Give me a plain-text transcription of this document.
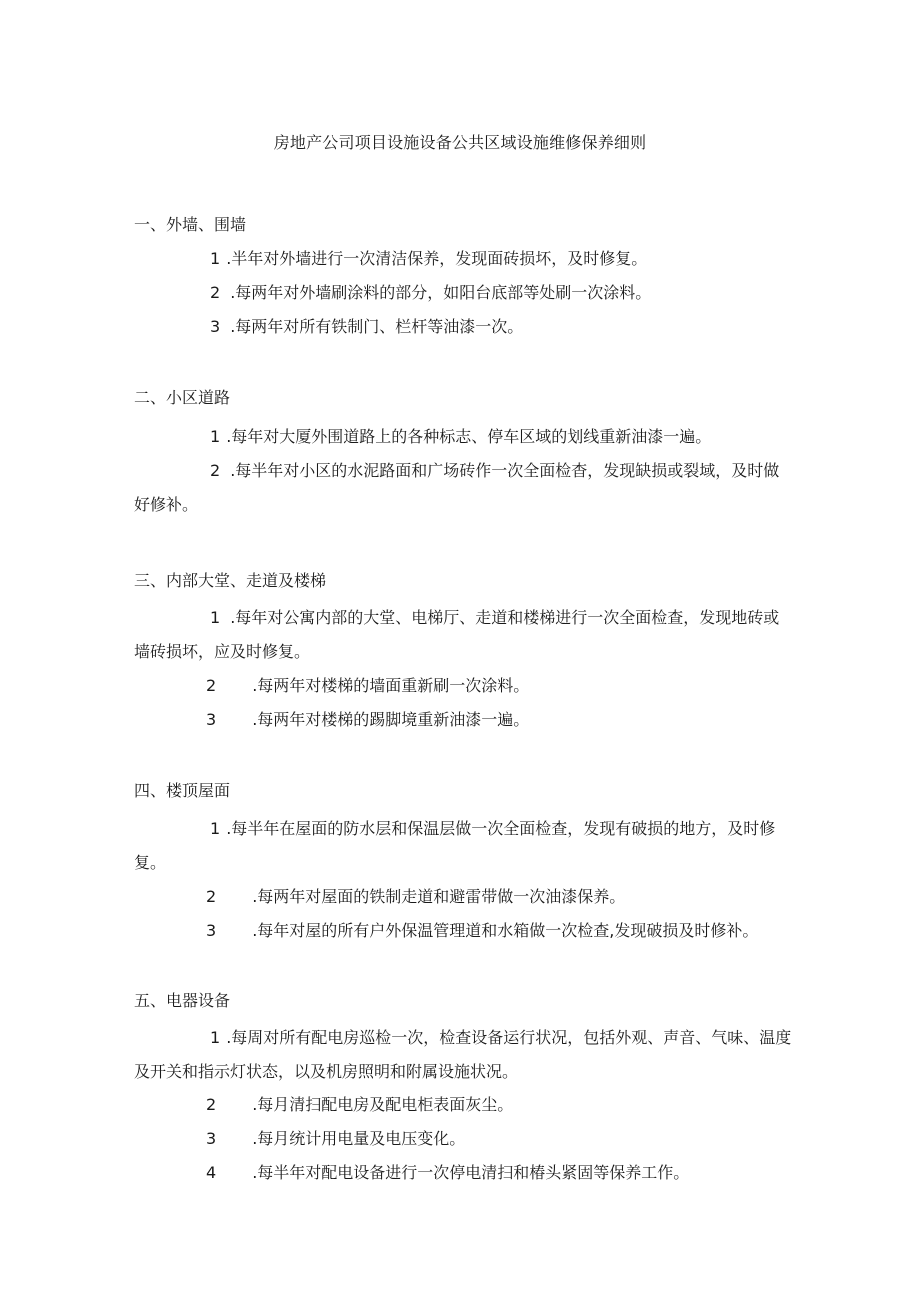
房地产公司项目设施设备公共区域设施维修保养细则
一、外墙、围墙

1 .半年对外墙进行一次清洁保养，发现面砖损坏，及时修复。

2 .每两年对外墙刷涂料的部分，如阳台底部等处刷一次涂料。

3 .每两年对所有铁制门、栏杆等油漆一次。

二、小区道路

1 .每年对大厦外围道路上的各种标志、停车区域的划线重新油漆一遍。

2 .每半年对小区的水泥路面和广场砖作一次全面检杳，发现缺损或裂域，及时做好修补。

三、内部大堂、走道及楼梯

1 .每年对公寓内部的大堂、电梯厅、走道和楼梯进行一次全面检查，发现地砖或墙砖损坏，应及时修复。

2 .每两年对楼梯的墙面重新刷一次涂料。

3 .每两年对楼梯的踢脚境重新油漆一遍。

四、楼顶屋面

1 .每半年在屋面的防水层和保温层做一次全面检查，发现有破损的地方，及时修复。

2 .每两年对屋面的铁制走道和避雷带做一次油漆保养。

3 .每年对屋的所有户外保温管理道和水箱做一次检查,发现破损及时修补。

五、电器设备

1 .每周对所有配电房巡检一次，检查设备运行状况，包括外观、声音、气味、温度及开关和指示灯状态，以及机房照明和附属设施状况。

2 .每月清扫配电房及配电柜表面灰尘。

3 .每月统计用电量及电压变化。

4 .每半年对配电设备进行一次停电清扫和椿头紧固等保养工作。
